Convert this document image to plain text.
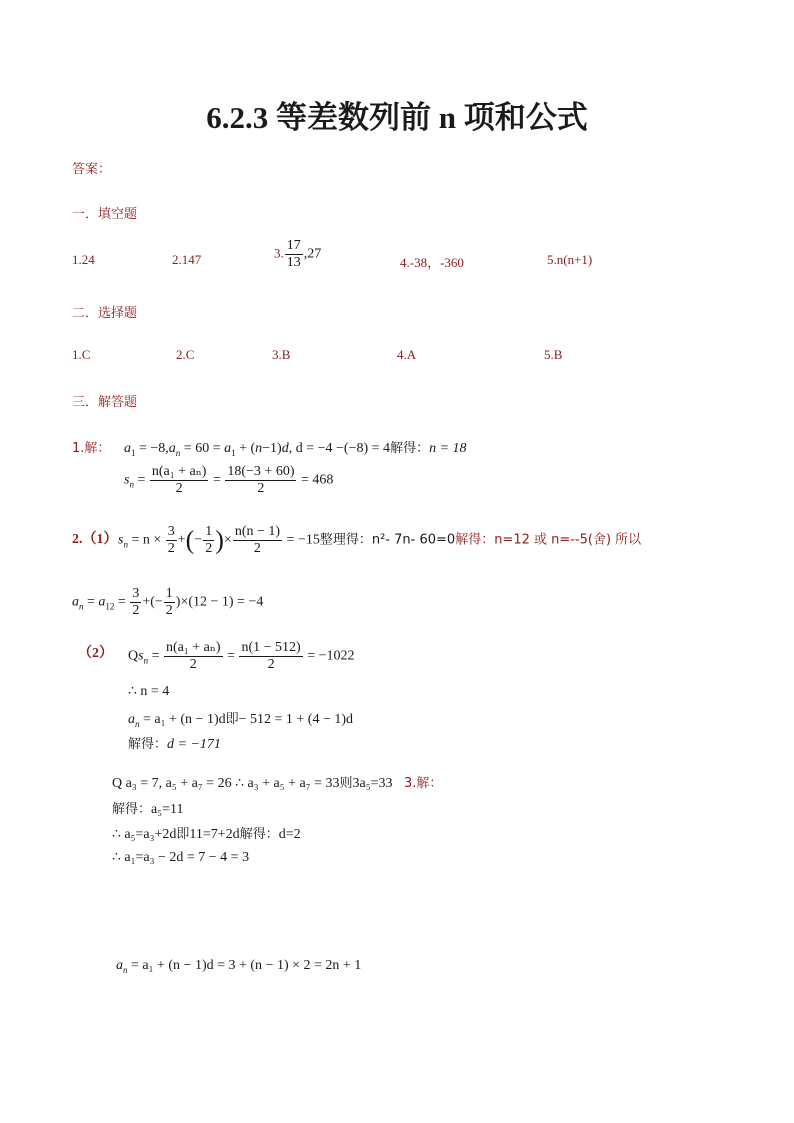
6.2.3 等差数列前 n 项和公式
答案：
一．填空题
1.24	2.147	3. $\frac{17}{13} ,27$
4.-38，-360	5.n(n+1)
二．选择题
1.C	2.C	3.B	4.A	5.B
三．解答题
1.解： $a_1 = -8,a_n = 60 = a_1 + (n-1)d$, d = −4 −(−8) = 4解得：n = 18
$s_n = \frac{\text{n(a₁ + aₙ)}}{2} = \frac{18(-3 + 60)}{2} = 468$
2.（1） $s_n = n \times \frac{3}{2}$ +(− $\frac{1}{2}$ )× $\frac{n(n - 1)}{2} = -15$整理得：n²- 7n- 60=0解得：n=12 或 n=--5(舍) 所以
$a_n = a_{12} = \frac{3}{2}$ +(− $\frac{1}{2} )\times(12 - 1) = -4$
（2） $Qs_n = \frac{\text{n(a₁ + aₙ)}}{2} = \frac{n(1 - 512)}{2} = -1022$
∴ n = 4
$a_n = a_1 + (n - 1)d$即− 512 = 1 + (4 − 1)d
解得：d = −171
Q a₃ = 7, a₅ + a₇ = 26 ∴ a₃ + a₅ + a₇ = 33则3a₅=33 3.解：
解得：a₅=11
∴ a₅=a₃+2d即11=7+2d解得：d=2
∴ a₁=a₃ − 2d = 7 − 4 = 3
$a_n = a_1 + (n - 1)d = 3 + (n - 1) \times 2 = 2n + 1$
